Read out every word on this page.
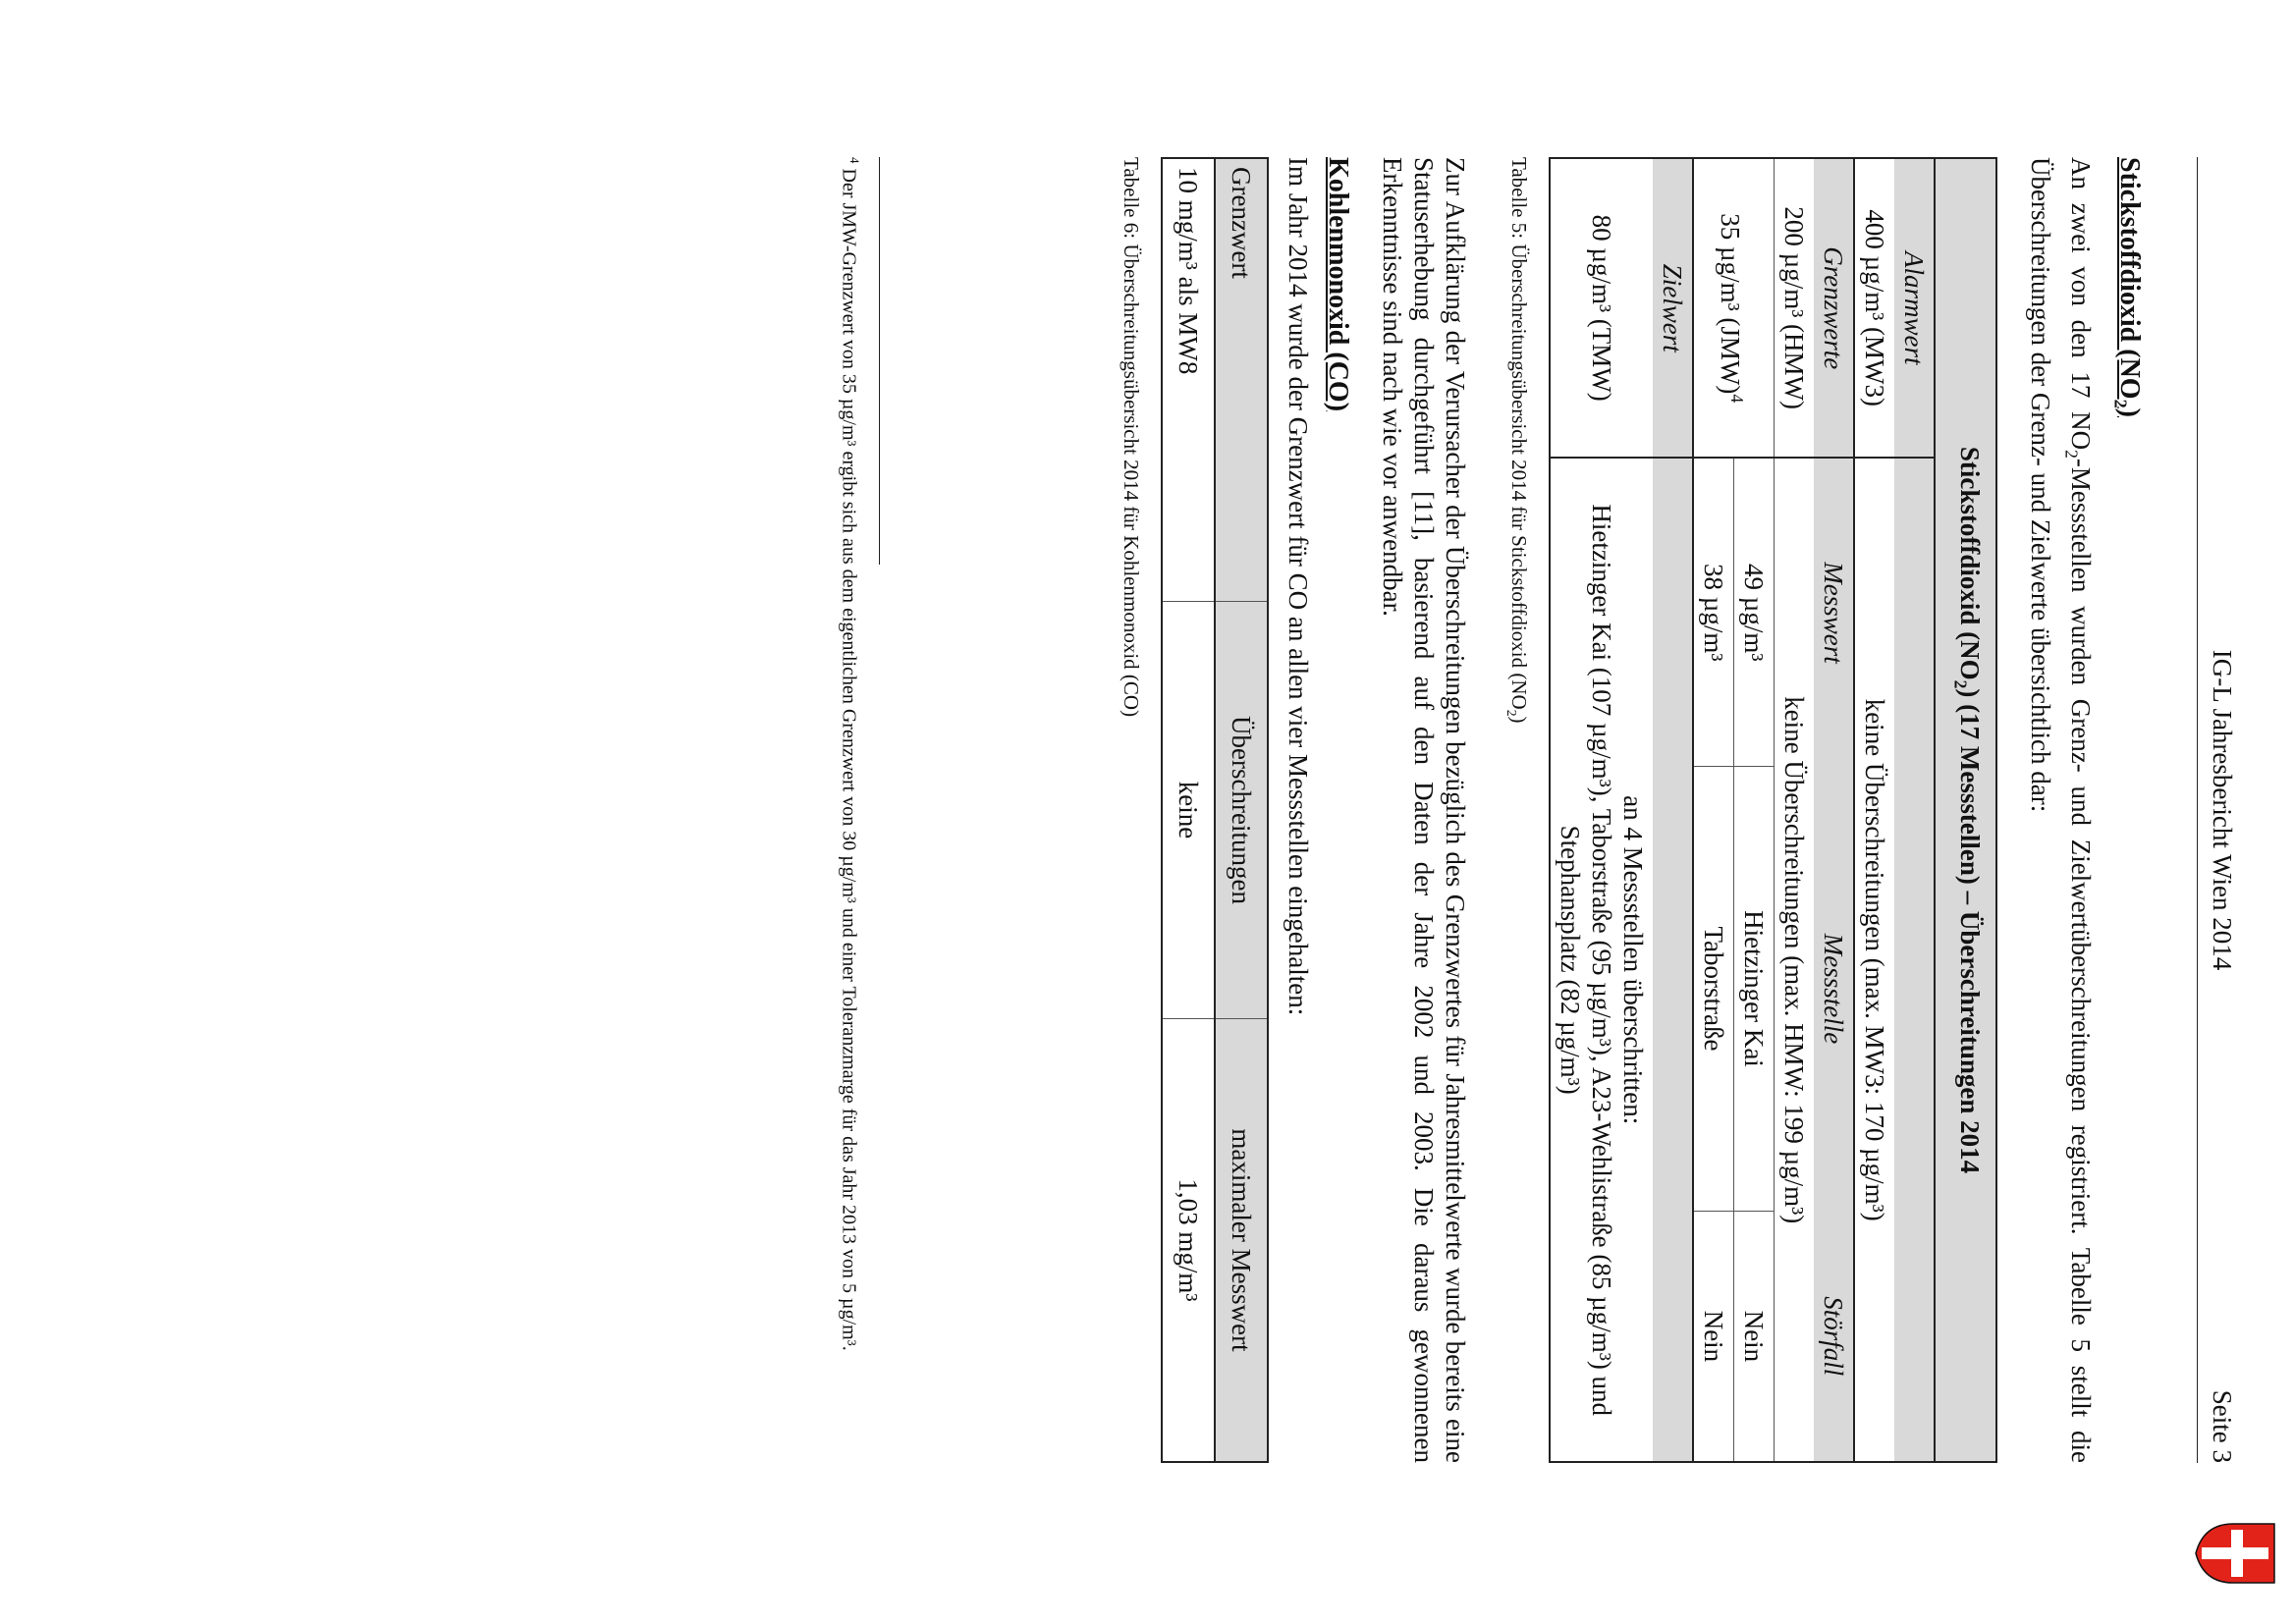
IG-L Jahresbericht Wien 2014
Seite 3
Stickstoffdioxid $(NO_2)$

An zwei von den 17 $NO_2$-Messstellen wurden Grenz- und Zielwertüberschreitungen registriert. Tabelle 5 stellt die Überschreitungen der Grenz- und Zielwerte übersichtlich dar:

Stickstoffdioxid $(NO_2)$ (17 Messstellen) – Überschreitungen 2014			
Alarmwert			
400 µg/m³ (MW3)	keine Überschreitungen (max. MW3: 170 µg/m³)		
Grenzwerte	Messwert	Messstelle	Störfall
200 µg/m³ (HMW)	keine Überschreitungen (max. HMW: 199 µg/m³)		
35 µg/m³ (JMW)$^4$	49 µg/m³	Hietzinger Kai	Nein
	38 µg/m³	Taborstraße	Nein
Zielwert			
80 µg/m³ (TMW)	an 4 Messstellen überschritten:
Hietzinger Kai (107 µg/m³), Taborstraße (95 µg/m³), A23-Wehlistraße (85 µg/m³) und Stephansplatz (82 µg/m³)		
Tabelle 5: Überschreitungsübersicht 2014 für Stickstoffdioxid $(NO_2)$

Zur Aufklärung der Verursacher der Überschreitungen bezüglich des Grenzwertes für Jahresmittelwerte wurde bereits eine Statuserhebung durchgeführt [11], basierend auf den Daten der Jahre 2002 und 2003. Die daraus gewonnenen Erkenntnisse sind nach wie vor anwendbar.

Kohlenmonoxid (CO)

Im Jahr 2014 wurde der Grenzwert für CO an allen vier Messstellen eingehalten:

Grenzwert	Überschreitungen	maximaler Messwert
10 mg/m³ als MW8	keine	1,03 mg/m³
Tabelle 6: Überschreitungsübersicht 2014 für Kohlenmonoxid (CO)
$^4$ Der JMW-Grenzwert von 35 µg/m³ ergibt sich aus dem eigentlichen Grenzwert von 30 µg/m³ und einer Toleranzmarge für das Jahr 2013 von 5 µg/m³.
